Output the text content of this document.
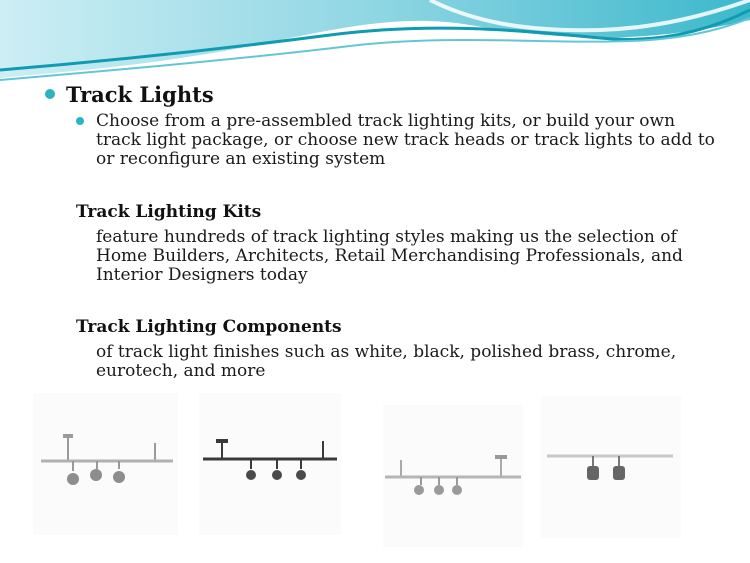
Track Lights
Choose from a pre-assembled track lighting kits, or build your own track light package, or choose new track heads or track lights to add to or reconfigure an existing system
Track Lighting Kits
feature hundreds of track lighting styles making us the selection of Home Builders, Architects, Retail Merchandising Professionals, and Interior Designers today
Track Lighting Components
of track light finishes such as white, black, polished brass, chrome, eurotech, and more
